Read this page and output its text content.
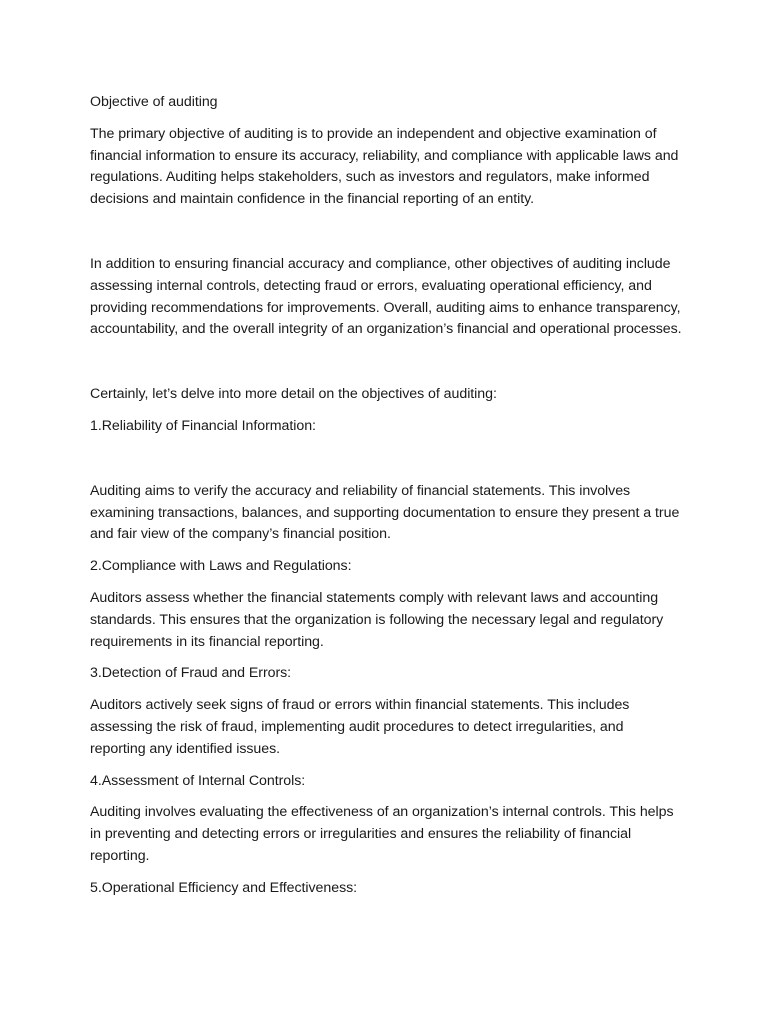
Objective of auditing

The primary objective of auditing is to provide an independent and objective examination of financial information to ensure its accuracy, reliability, and compliance with applicable laws and regulations. Auditing helps stakeholders, such as investors and regulators, make informed decisions and maintain confidence in the financial reporting of an entity.

In addition to ensuring financial accuracy and compliance, other objectives of auditing include assessing internal controls, detecting fraud or errors, evaluating operational efficiency, and providing recommendations for improvements. Overall, auditing aims to enhance transparency, accountability, and the overall integrity of an organization’s financial and operational processes.

Certainly, let’s delve into more detail on the objectives of auditing:

1.Reliability of Financial Information:

Auditing aims to verify the accuracy and reliability of financial statements. This involves examining transactions, balances, and supporting documentation to ensure they present a true and fair view of the company’s financial position.

2.Compliance with Laws and Regulations:

Auditors assess whether the financial statements comply with relevant laws and accounting standards. This ensures that the organization is following the necessary legal and regulatory requirements in its financial reporting.

3.Detection of Fraud and Errors:

Auditors actively seek signs of fraud or errors within financial statements. This includes assessing the risk of fraud, implementing audit procedures to detect irregularities, and reporting any identified issues.

4.Assessment of Internal Controls:

Auditing involves evaluating the effectiveness of an organization’s internal controls. This helps in preventing and detecting errors or irregularities and ensures the reliability of financial reporting.

5.Operational Efficiency and Effectiveness:
